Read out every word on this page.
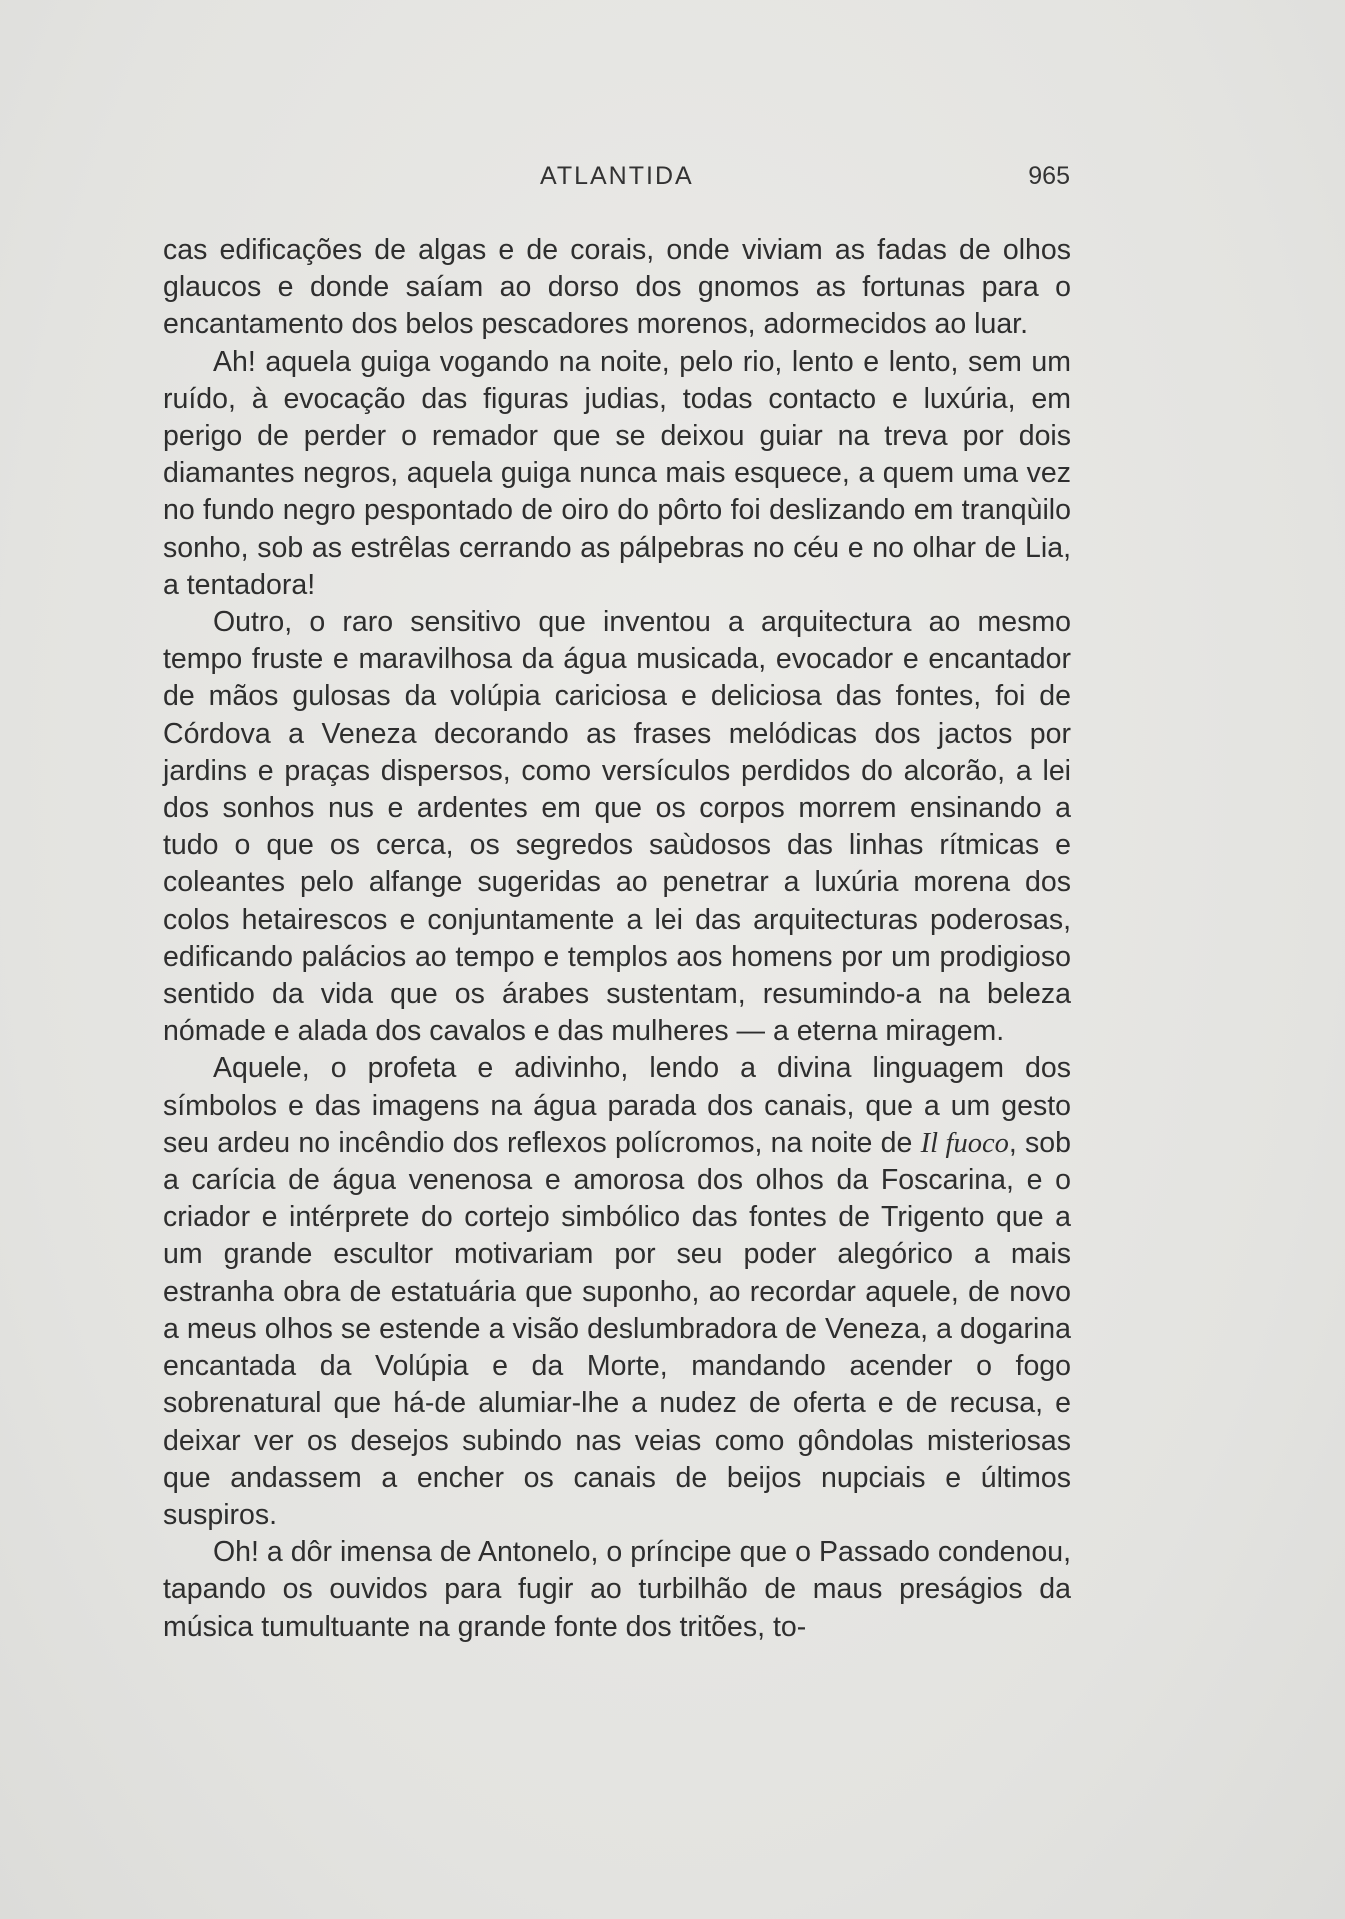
ATLANTIDA	965

cas edificações de algas e de corais, onde viviam as fadas de olhos glaucos e donde saíam ao dorso dos gnomos as fortunas para o encantamento dos belos pescadores morenos, adormecidos ao luar.

Ah! aquela guiga vogando na noite, pelo rio, lento e lento, sem um ruído, à evocação das figuras judias, todas contacto e luxúria, em perigo de perder o remador que se deixou guiar na treva por dois diamantes negros, aquela guiga nunca mais esquece, a quem uma vez no fundo negro pespontado de oiro do pôrto foi deslizando em tranqùilo sonho, sob as estrêlas cerrando as pálpebras no céu e no olhar de Lia, a tentadora!

Outro, o raro sensitivo que inventou a arquitectura ao mesmo tempo fruste e maravilhosa da água musicada, evocador e encantador de mãos gulosas da volúpia cariciosa e deliciosa das fontes, foi de Córdova a Veneza decorando as frases melódicas dos jactos por jardins e praças dispersos, como versículos perdidos do alcorão, a lei dos sonhos nus e ardentes em que os corpos morrem ensinando a tudo o que os cerca, os segredos saùdosos das linhas rítmicas e coleantes pelo alfange sugeridas ao penetrar a luxúria morena dos colos hetairescos e conjuntamente a lei das arquitecturas poderosas, edificando palácios ao tempo e templos aos homens por um prodigioso sentido da vida que os árabes sustentam, resumindo-a na beleza nómade e alada dos cavalos e das mulheres — a eterna miragem.

Aquele, o profeta e adivinho, lendo a divina linguagem dos símbolos e das imagens na água parada dos canais, que a um gesto seu ardeu no incêndio dos reflexos polícromos, na noite de Il fuoco, sob a carícia de água venenosa e amorosa dos olhos da Foscarina, e o criador e intérprete do cortejo simbólico das fontes de Trigento que a um grande escultor motivariam por seu poder alegórico a mais estranha obra de estatuária que suponho, ao recordar aquele, de novo a meus olhos se estende a visão deslumbradora de Veneza, a dogarina encantada da Volúpia e da Morte, mandando acender o fogo sobrenatural que há-de alumiar-lhe a nudez de oferta e de recusa, e deixar ver os desejos subindo nas veias como gôndolas misteriosas que andassem a encher os canais de beijos nupciais e últimos suspiros.

Oh! a dôr imensa de Antonelo, o príncipe que o Passado condenou, tapando os ouvidos para fugir ao turbilhão de maus preságios da música tumultuante na grande fonte dos tritões, to-
